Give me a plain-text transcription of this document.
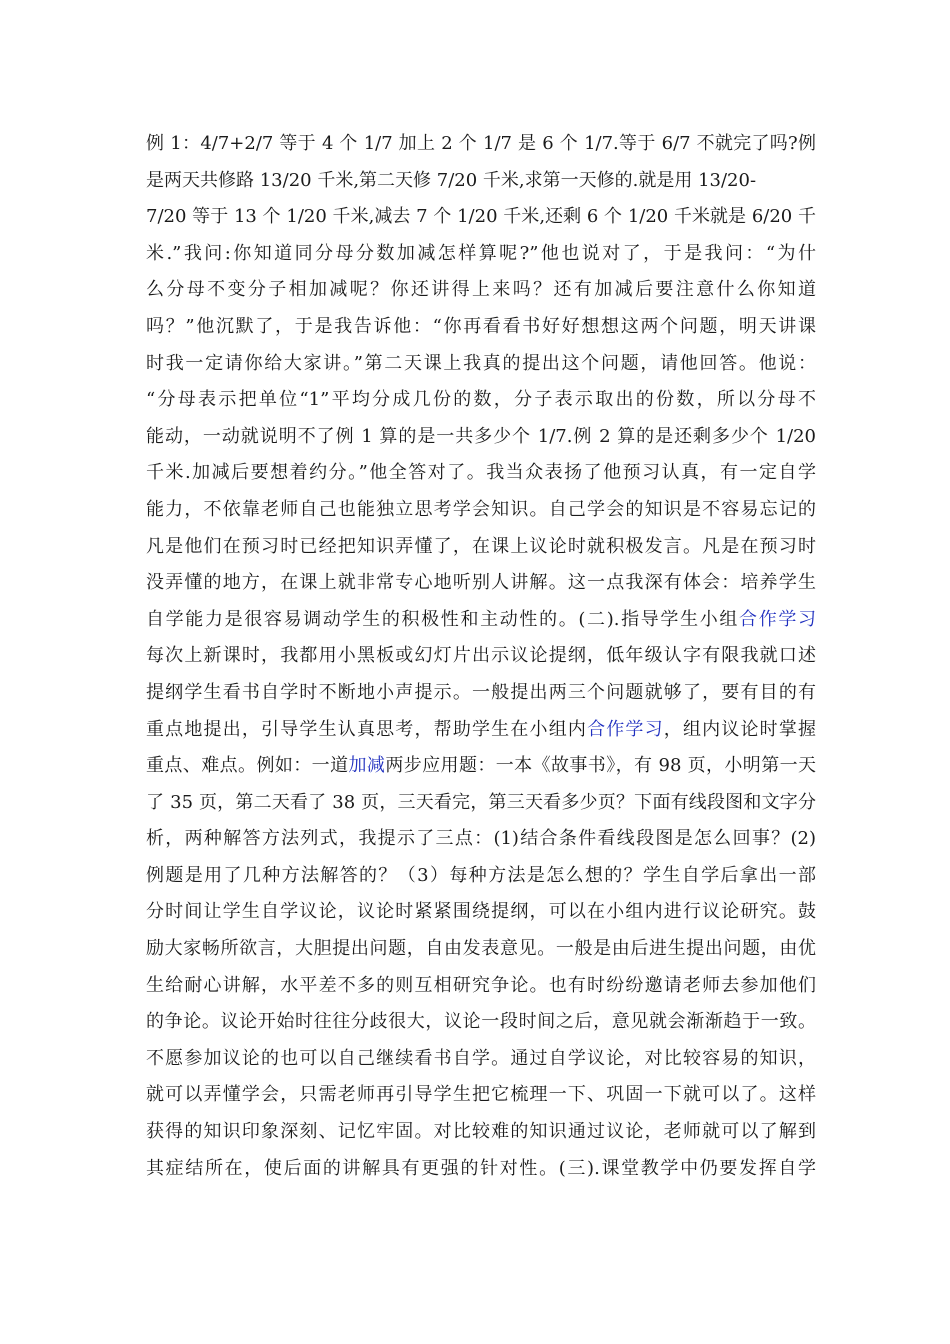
例 1：4/7+2/7 等于 4 个 1/7 加上 2 个 1/7 是 6 个 1/7.等于 6/7 不就完了吗?例
是两天共修路 13/20 千米,第二天修 7/20 千米,求第一天修的.就是用 13/20-
7/20 等于 13 个 1/20 千米,减去 7 个 1/20 千米,还剩 6 个 1/20 千米就是 6/20 千
米.”我问:你知道同分母分数加减怎样算呢?”他也说对了，于是我问：“为什
么分母不变分子相加减呢？你还讲得上来吗？还有加减后要注意什么你知道
吗？”他沉默了，于是我告诉他：“你再看看书好好想想这两个问题，明天讲课
时我一定请你给大家讲。”第二天课上我真的提出这个问题，请他回答。他说：
“分母表示把单位“1”平均分成几份的数，分子表示取出的份数，所以分母不
能动，一动就说明不了例 1 算的是一共多少个 1/7.例 2 算的是还剩多少个 1/20
千米.加减后要想着约分。”他全答对了。我当众表扬了他预习认真，有一定自学
能力，不依靠老师自己也能独立思考学会知识。自己学会的知识是不容易忘记的
凡是他们在预习时已经把知识弄懂了，在课上议论时就积极发言。凡是在预习时
没弄懂的地方，在课上就非常专心地听别人讲解。这一点我深有体会：培养学生
自学能力是很容易调动学生的积极性和主动性的。(二).指导学生小组合作学习
每次上新课时，我都用小黑板或幻灯片出示议论提纲，低年级认字有限我就口述
提纲学生看书自学时不断地小声提示。一般提出两三个问题就够了，要有目的有
重点地提出，引导学生认真思考，帮助学生在小组内合作学习，组内议论时掌握
重点、难点。例如：一道加减两步应用题：一本《故事书》，有 98 页，小明第一天
了 35 页，第二天看了 38 页，三天看完，第三天看多少页？下面有线段图和文字分
析，两种解答方法列式，我提示了三点：(1)结合条件看线段图是怎么回事？(2)
例题是用了几种方法解答的？（3）每种方法是怎么想的？学生自学后拿出一部
分时间让学生自学议论，议论时紧紧围绕提纲，可以在小组内进行议论研究。鼓
励大家畅所欲言，大胆提出问题，自由发表意见。一般是由后进生提出问题，由优
生给耐心讲解，水平差不多的则互相研究争论。也有时纷纷邀请老师去参加他们
的争论。议论开始时往往分歧很大，议论一段时间之后，意见就会渐渐趋于一致。
不愿参加议论的也可以自己继续看书自学。通过自学议论，对比较容易的知识，
就可以弄懂学会，只需老师再引导学生把它梳理一下、巩固一下就可以了。这样
获得的知识印象深刻、记忆牢固。对比较难的知识通过议论，老师就可以了解到
其症结所在，使后面的讲解具有更强的针对性。(三).课堂教学中仍要发挥自学
